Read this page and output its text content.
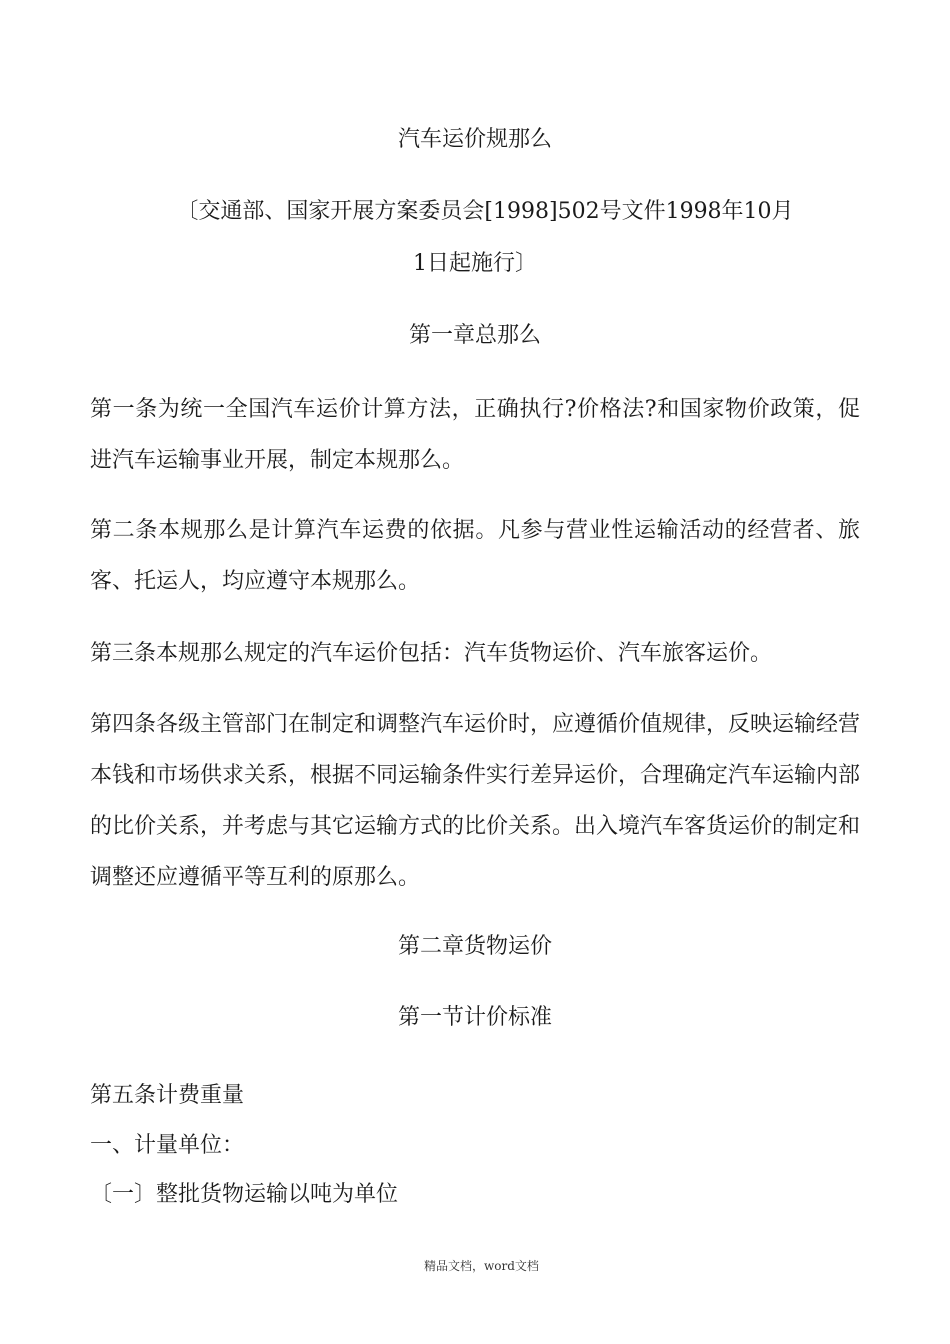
汽车运价规那么
〔交通部、国家开展方案委员会[1998]502号文件1998年10月
1日起施行〕
第一章总那么
第一条为统一全国汽车运价计算方法，正确执行?价格法?和国家物价政策，促进汽车运输事业开展，制定本规那么。
第二条本规那么是计算汽车运费的依据。凡参与营业性运输活动的经营者、旅客、托运人，均应遵守本规那么。
第三条本规那么规定的汽车运价包括：汽车货物运价、汽车旅客运价。
第四条各级主管部门在制定和调整汽车运价时，应遵循价值规律，反映运输经营本钱和市场供求关系，根据不同运输条件实行差异运价，合理确定汽车运输内部的比价关系，并考虑与其它运输方式的比价关系。出入境汽车客货运价的制定和调整还应遵循平等互利的原那么。
第二章货物运价
第一节计价标准
第五条计费重量
一、计量单位：
〔一〕整批货物运输以吨为单位
精品文档，word文档
